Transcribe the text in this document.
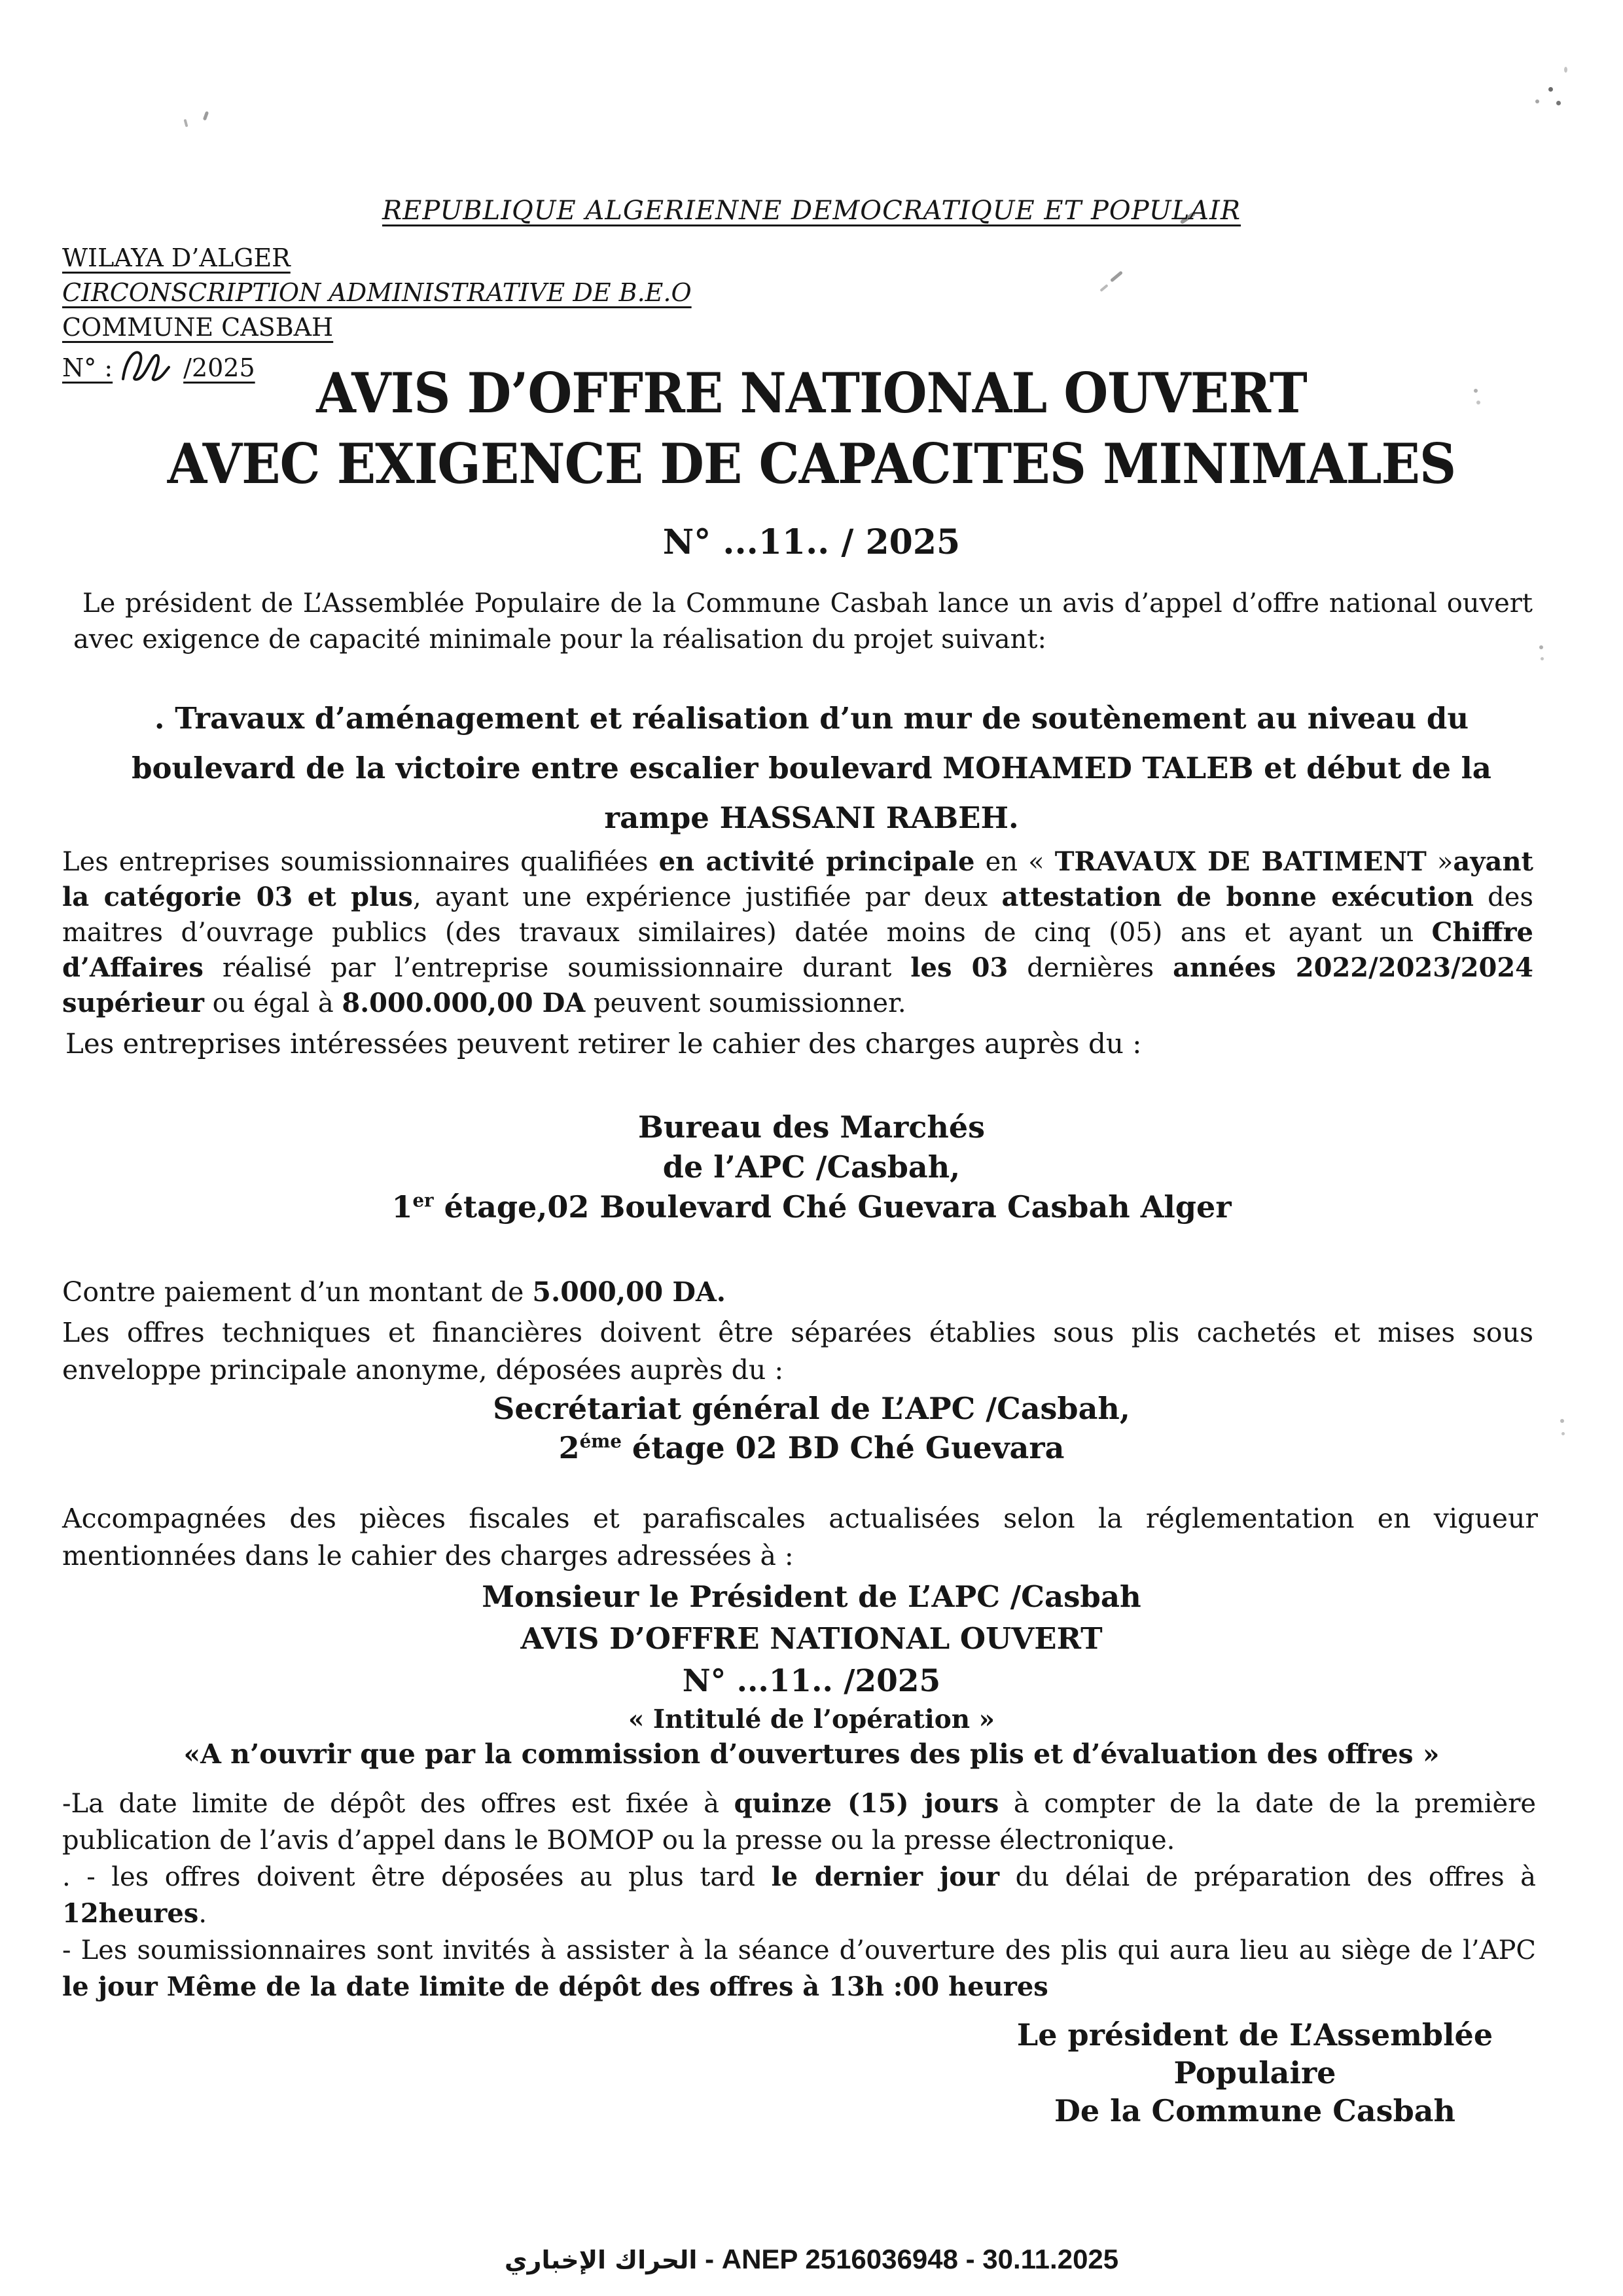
REPUBLIQUE ALGERIENNE DEMOCRATIQUE ET POPULAIR
WILAYA D’ALGER
CIRCONSCRIPTION ADMINISTRATIVE DE B.E.O
COMMUNE CASBAH
N° :	/2025	AVIS D’OFFRE NATIONAL OUVERT
AVEC EXIGENCE DE CAPACITES MINIMALES
N° ...11.. / 2025
Le président de L’Assemblée Populaire de la Commune Casbah lance un avis d’appel d’offre national ouvert avec exigence de capacité minimale pour la réalisation du projet suivant:
. Travaux d’aménagement et réalisation d’un mur de soutènement au niveau du boulevard de la victoire entre escalier boulevard MOHAMED TALEB et début de la rampe HASSANI RABEH.
Les entreprises soumissionnaires qualifiées en activité principale en « TRAVAUX DE BATIMENT »ayant la catégorie 03 et plus, ayant une expérience justifiée par deux attestation de bonne exécution des maitres d’ouvrage publics (des travaux similaires) datée moins de cinq (05) ans et ayant un Chiffre d’Affaires réalisé par l’entreprise soumissionnaire durant les 03 dernières années 2022/2023/2024 supérieur ou égal à 8.000.000,00 DA peuvent soumissionner.
Les entreprises intéressées peuvent retirer le cahier des charges auprès du :
Bureau des Marchés
de l’APC /Casbah,
1er étage,02 Boulevard Ché Guevara Casbah Alger
Contre paiement d’un montant de 5.000,00 DA.
Les offres techniques et financières doivent être séparées établies sous plis cachetés et mises sous enveloppe principale anonyme, déposées auprès du :
Secrétariat général de L’APC /Casbah,
$2^{éme}$ étage 02 BD Ché Guevara
Accompagnées des pièces fiscales et parafiscales actualisées selon la réglementation en vigueur mentionnées dans le cahier des charges adressées à :
Monsieur le Président de L’APC /Casbah
AVIS D’OFFRE NATIONAL OUVERT
N° ...11.. /2025
« Intitulé de l’opération »
«A n’ouvrir que par la commission d’ouvertures des plis et d’évaluation des offres »
-La date limite de dépôt des offres est fixée à quinze (15) jours à compter de la date de la première publication de l’avis d’appel dans le BOMOP ou la presse ou la presse électronique.
. - les offres doivent être déposées au plus tard le dernier jour du délai de préparation des offres à 12heures.
- Les soumissionnaires sont invités à assister à la séance d’ouverture des plis qui aura lieu au siège de l’APC le jour Même de la date limite de dépôt des offres à 13h :00 heures
Le président de L’Assemblée Populaire
De la Commune Casbah
الحراك الإخباري - ANEP 2516036948 - 30.11.2025
